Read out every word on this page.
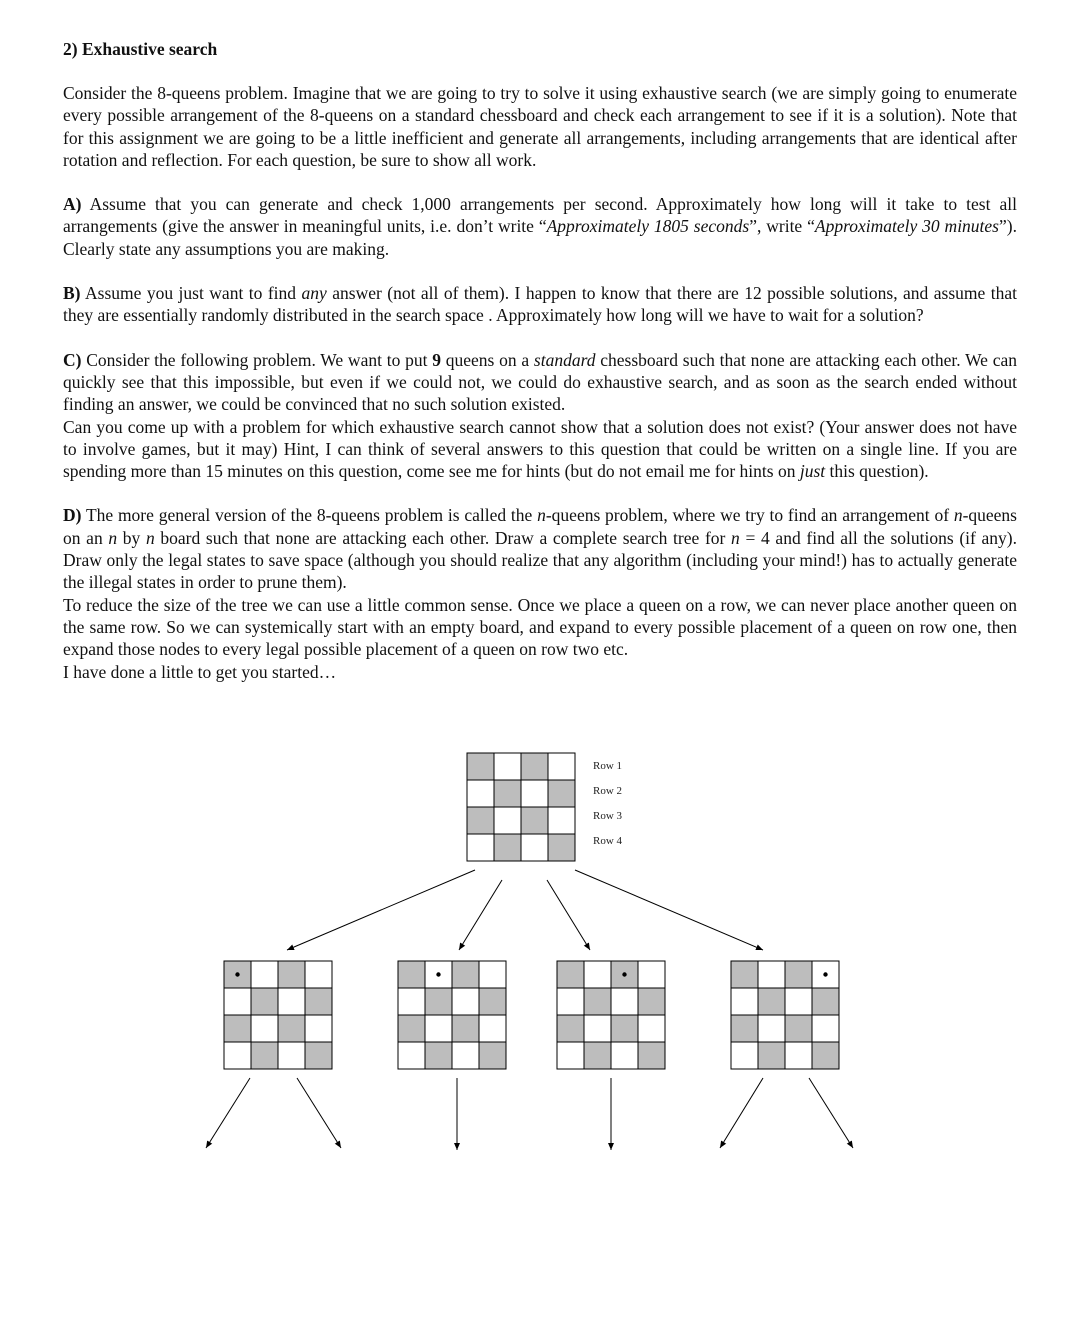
2) Exhaustive search

Consider the 8-queens problem. Imagine that we are going to try to solve it using exhaustive search (we are simply going to enumerate every possible arrangement of the 8-queens on a standard chessboard and check each arrangement to see if it is a solution). Note that for this assignment we are going to be a little inefficient and generate all arrangements, including arrangements that are identical after rotation and reflection. For each question, be sure to show all work.

A) Assume that you can generate and check 1,000 arrangements per second. Approximately how long will it take to test all arrangements (give the answer in meaningful units, i.e. don’t write “Approximately 1805 seconds”, write “Approximately 30 minutes”). Clearly state any assumptions you are making.

B) Assume you just want to find any answer (not all of them). I happen to know that there are 12 possible solutions, and assume that they are essentially randomly distributed in the search space . Approximately how long will we have to wait for a solution?

C) Consider the following problem. We want to put 9 queens on a standard chessboard such that none are attacking each other. We can quickly see that this impossible, but even if we could not, we could do exhaustive search, and as soon as the search ended without finding an answer, we could be convinced that no such solution existed.

Can you come up with a problem for which exhaustive search cannot show that a solution does not exist? (Your answer does not have to involve games, but it may) Hint, I can think of several answers to this question that could be written on a single line. If you are spending more than 15 minutes on this question, come see me for hints (but do not email me for hints on just this question).

D) The more general version of the 8-queens problem is called the n-queens problem, where we try to find an arrangement of n-queens on an n by n board such that none are attacking each other. Draw a complete search tree for n = 4 and find all the solutions (if any). Draw only the legal states to save space (although you should realize that any algorithm (including your mind!) has to actually generate the illegal states in order to prune them).

To reduce the size of the tree we can use a little common sense. Once we place a queen on a row, we can never place another queen on the same row. So we can systemically start with an empty board, and expand to every possible placement of a queen on row one, then expand those nodes to every legal possible placement of a queen on row two etc.

I have done a little to get you started…

Row 1
Row 2
Row 3
Row 4
